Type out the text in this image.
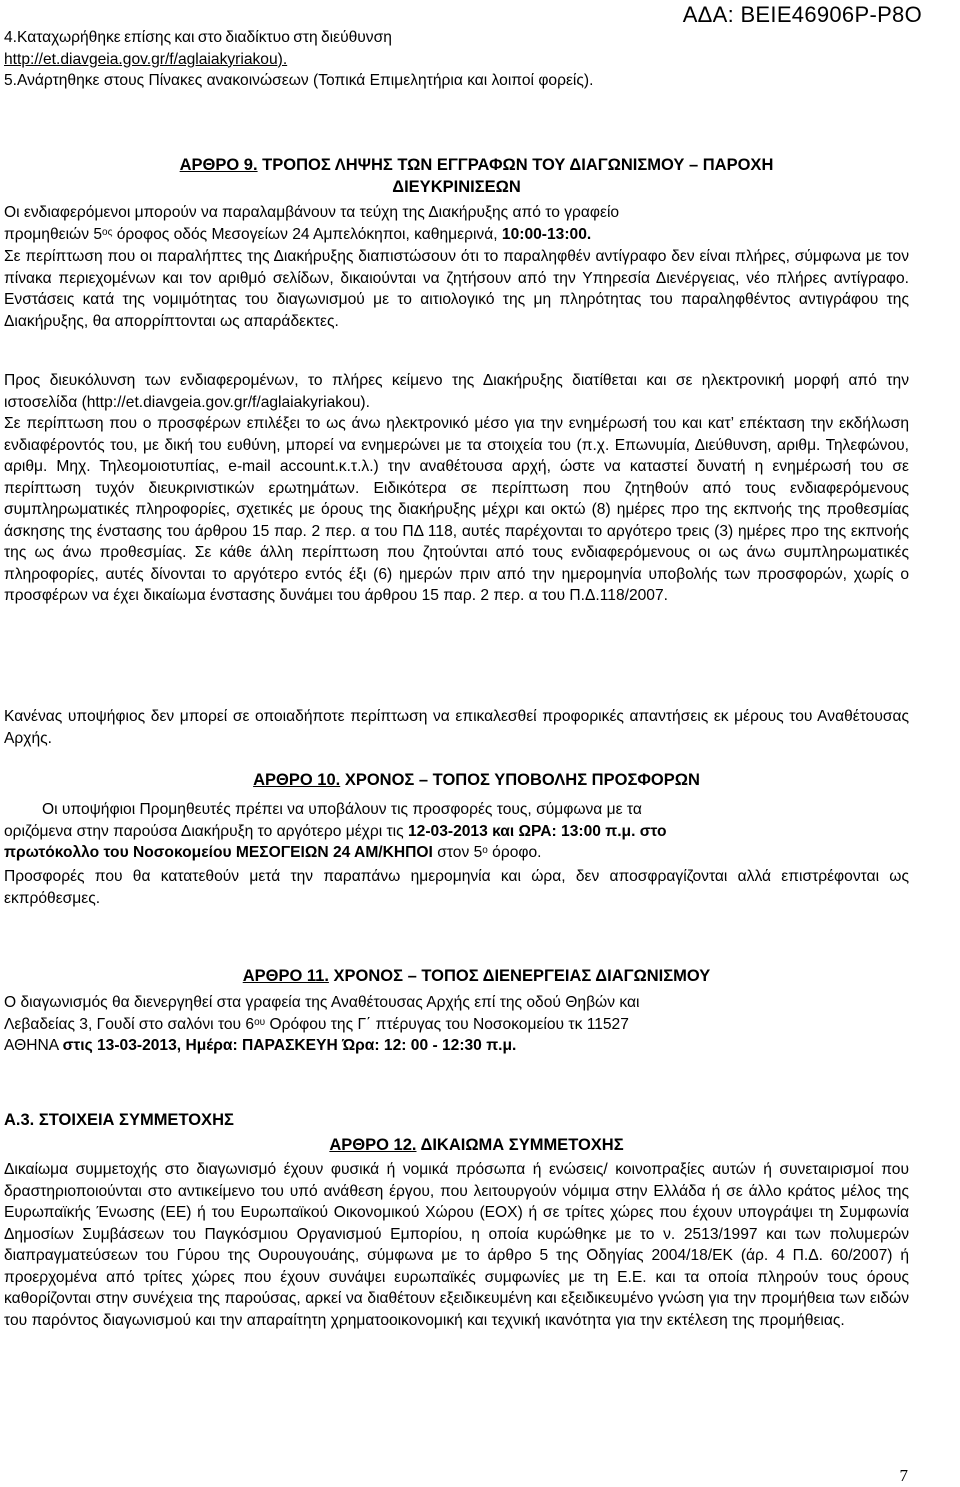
ΑΔΑ: ΒΕΙΕ46906Ρ-Ρ8Ο
4.Καταχωρήθηκε επίσης και στο διαδίκτυο στη διεύθυνση
http://et.diavgeia.gov.gr/f/aglaiakyriakou).
5.Ανάρτηθηκε στους Πίνακες ανακοινώσεων (Τοπικά Επιμελητήρια και λοιποί φορείς).
ΑΡΘΡΟ 9. ΤΡΟΠΟΣ ΛΗΨΗΣ ΤΩΝ ΕΓΓΡΑΦΩΝ ΤΟΥ ΔΙΑΓΩΝΙΣΜΟΥ – ΠΑΡΟΧΗ
ΔΙΕΥΚΡΙΝΙΣΕΩΝ
Οι ενδιαφερόμενοι μπορούν να παραλαμβάνουν τα τεύχη της Διακήρυξης από το γραφείο
προμηθειών $5^{o\varsigma}$ όροφος οδός Μεσογείων 24 Αμπελόκηποι, καθημερινά, 10:00-13:00.
Σε περίπτωση που οι παραλήπτες της Διακήρυξης διαπιστώσουν ότι το παραληφθέν αντίγραφο δεν είναι πλήρες, σύμφωνα με τον πίνακα περιεχομένων και τον αριθμό σελίδων, δικαιούνται να ζητήσουν από την Υπηρεσία Διενέργειας, νέο πλήρες αντίγραφο. Ενστάσεις κατά της νομιμότητας του διαγωνισμού με το αιτιολογικό της μη πληρότητας του παραληφθέντος αντιγράφου της Διακήρυξης, θα απορρίπτονται ως απαράδεκτες.
Προς διευκόλυνση των ενδιαφερομένων, το πλήρες κείμενο της Διακήρυξης διατίθεται και σε ηλεκτρονική μορφή από την ιστοσελίδα (http://et.diavgeia.gov.gr/f/aglaiakyriakou).
Σε περίπτωση που ο προσφέρων επιλέξει το ως άνω ηλεκτρονικό μέσο για την ενημέρωσή του και κατ’ επέκταση την εκδήλωση ενδιαφέροντός του, με δική του ευθύνη, μπορεί να ενημερώνει με τα στοιχεία του (π.χ. Επωνυμία, Διεύθυνση, αριθμ. Τηλεφώνου, αριθμ. Μηχ. Τηλεομοιοτυπίας, e-mail account.κ.τ.λ.) την αναθέτουσα αρχή, ώστε να καταστεί δυνατή η ενημέρωσή του σε περίπτωση τυχόν διευκρινιστικών ερωτημάτων. Ειδικότερα σε περίπτωση που ζητηθούν από τους ενδιαφερόμενους συμπληρωματικές πληροφορίες, σχετικές με όρους της διακήρυξης μέχρι και οκτώ (8) ημέρες προ της εκπνοής της προθεσμίας άσκησης της ένστασης του άρθρου 15 παρ. 2 περ. α του ΠΔ 118, αυτές παρέχονται το αργότερο τρεις (3) ημέρες προ της εκπνοής της ως άνω προθεσμίας. Σε κάθε άλλη περίπτωση που ζητούνται από τους ενδιαφερόμενους οι ως άνω συμπληρωματικές πληροφορίες, αυτές δίνονται το αργότερο εντός έξι (6) ημερών πριν από την ημερομηνία υποβολής των προσφορών, χωρίς ο προσφέρων να έχει δικαίωμα ένστασης δυνάμει του άρθρου 15 παρ. 2 περ. α του Π.Δ.118/2007.
Κανένας υποψήφιος δεν μπορεί σε οποιαδήποτε περίπτωση να επικαλεσθεί προφορικές απαντήσεις εκ μέρους του Αναθέτουσας Αρχής.
ΑΡΘΡΟ 10. ΧΡΟΝΟΣ – ΤΟΠΟΣ ΥΠΟΒΟΛΗΣ ΠΡΟΣΦΟΡΩΝ
Οι υποψήφιοι Προμηθευτές πρέπει να υποβάλουν τις προσφορές τους, σύμφωνα με τα
οριζόμενα στην παρούσα Διακήρυξη το αργότερο μέχρι τις 12-03-2013 και ΩΡΑ: 13:00 π.μ. στο
πρωτόκολλο του Νοσοκομείου ΜΕΣΟΓΕΙΩΝ 24 ΑΜ/ΚΗΠΟΙ στον $5^o$ όροφο.
Προσφορές που θα κατατεθούν μετά την παραπάνω ημερομηνία και ώρα, δεν αποσφραγίζονται αλλά επιστρέφονται ως εκπρόθεσμες.
ΑΡΘΡΟ 11. ΧΡΟΝΟΣ – ΤΟΠΟΣ ΔΙΕΝΕΡΓΕΙΑΣ ΔΙΑΓΩΝΙΣΜΟΥ
Ο διαγωνισμός θα διενεργηθεί στα γραφεία της Αναθέτουσας Αρχής επί της οδού Θηβών και
Λεβαδείας 3, Γουδί στο σαλόνι του $6^{o\upsilon}$ Ορόφου της Γ΄ πτέρυγας του Νοσοκομείου τκ 11527
ΑΘΗΝΑ στις 13-03-2013, Ημέρα: ΠΑΡΑΣΚΕΥΗ Ώρα: 12: 00 - 12:30 π.μ.
Α.3. ΣΤΟΙΧΕΙΑ ΣΥΜΜΕΤΟΧΗΣ
ΑΡΘΡΟ 12. ΔΙΚΑΙΩΜΑ ΣΥΜΜΕΤΟΧΗΣ
Δικαίωμα συμμετοχής στο διαγωνισμό έχουν φυσικά ή νομικά πρόσωπα ή ενώσεις/ κοινοπραξίες αυτών ή συνεταιρισμοί που δραστηριοποιούνται στο αντικείμενο του υπό ανάθεση έργου, που λειτουργούν νόμιμα στην Ελλάδα ή σε άλλο κράτος μέλος της Ευρωπαϊκής Ένωσης (ΕΕ) ή του Ευρωπαϊκού Οικονομικού Χώρου (ΕΟΧ) ή σε τρίτες χώρες που έχουν υπογράψει τη Συμφωνία Δημοσίων Συμβάσεων του Παγκόσμιου Οργανισμού Εμπορίου, η οποία κυρώθηκε με το ν. 2513/1997 και των πολυμερών διαπραγματεύσεων του Γύρου της Ουρουγουάης, σύμφωνα με το άρθρο 5 της Οδηγίας 2004/18/ΕΚ (άρ. 4 Π.Δ. 60/2007) ή προερχομένα από τρίτες χώρες που έχουν συνάψει ευρωπαϊκές συμφωνίες με τη Ε.Ε. και τα οποία πληρούν τους όρους καθορίζονται στην συνέχεια της παρούσας, αρκεί να διαθέτουν εξειδικευμένη και εξειδικευμένο γνώση για την προμήθεια των ειδών του παρόντος διαγωνισμού και την απαραίτητη χρηματοοικονομική και τεχνική ικανότητα για την εκτέλεση της προμήθειας.
7
